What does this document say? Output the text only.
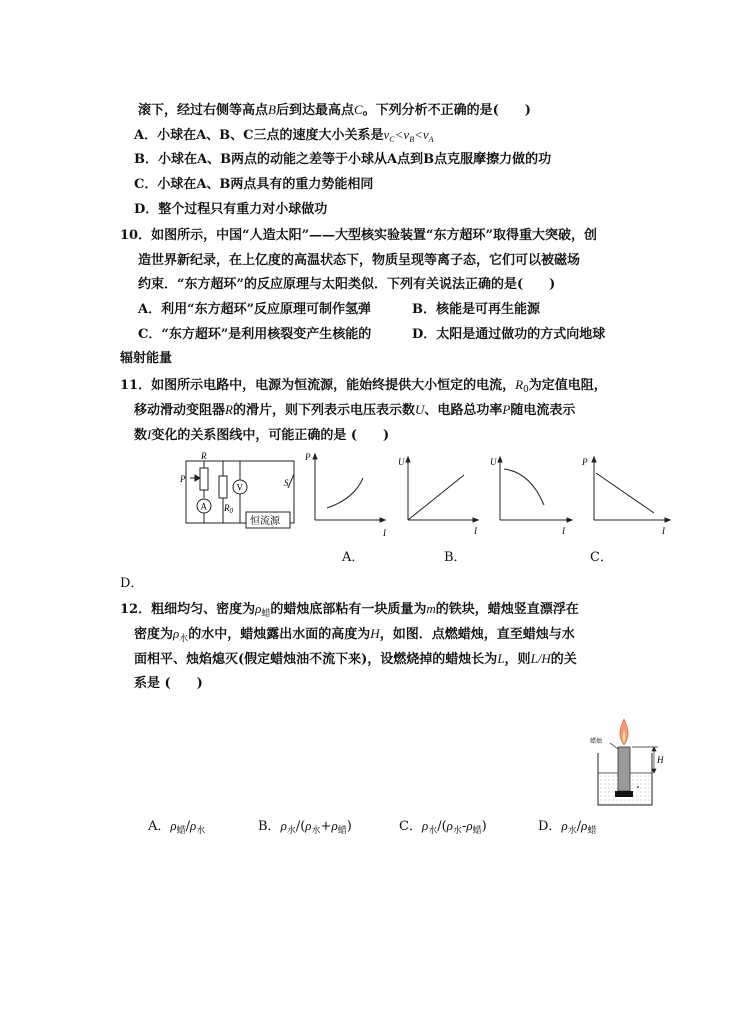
滚下，经过右侧等高点B后到达最高点C。下列分析不正确的是(　　)
A．小球在A、B、C三点的速度大小关系是$v_C<v_B<v_A$
B．小球在A、B两点的动能之差等于小球从A点到B点克服摩擦力做的功
C．小球在A、B两点具有的重力势能相同
D．整个过程只有重力对小球做功
10．如图所示，中国“人造太阳”——大型核实验装置“东方超环”取得重大突破，创
造世界新纪录，在上亿度的高温状态下，物质呈现等离子态，它们可以被磁场
约束．“东方超环”的反应原理与太阳类似．下列有关说法正确的是(　　)
A．利用“东方超环”反应原理可制作氢弹	B．核能是可再生能源
C．“东方超环”是利用核裂变产生核能的	D．太阳是通过做功的方式向地球
辐射能量
11．如图所示电路中，电源为恒流源，能始终提供大小恒定的电流，$R_0$为定值电阻，
移动滑动变阻器R的滑片，则下列表示电压表示数U、电路总功率P随电流表示
数I变化的关系图线中，可能正确的是 (　　)
R
P
A
V
$R_0$
S
恒流源
P
I
U
I
U
I
P
I
A．	B．	C．
D．
12．粗细均匀、密度为$\rho_蜡$的蜡烛底部粘有一块质量为m的铁块，蜡烛竖直漂浮在
密度为$\rho_水$的水中，蜡烛露出水面的高度为H，如图．点燃蜡烛，直至蜡烛与水
面相平、烛焰熄灭(假定蜡烛油不流下来)，设燃烧掉的蜡烛长为L，则L/H的关
系是 (　　)
蜡烛
H
A．$\rho_蜡/\rho_水$	B．$\rho_水/(\rho_水+\rho_蜡)$	C．$\rho_水/(\rho_水-\rho_蜡)$	D．$\rho_水/\rho_蜡$
